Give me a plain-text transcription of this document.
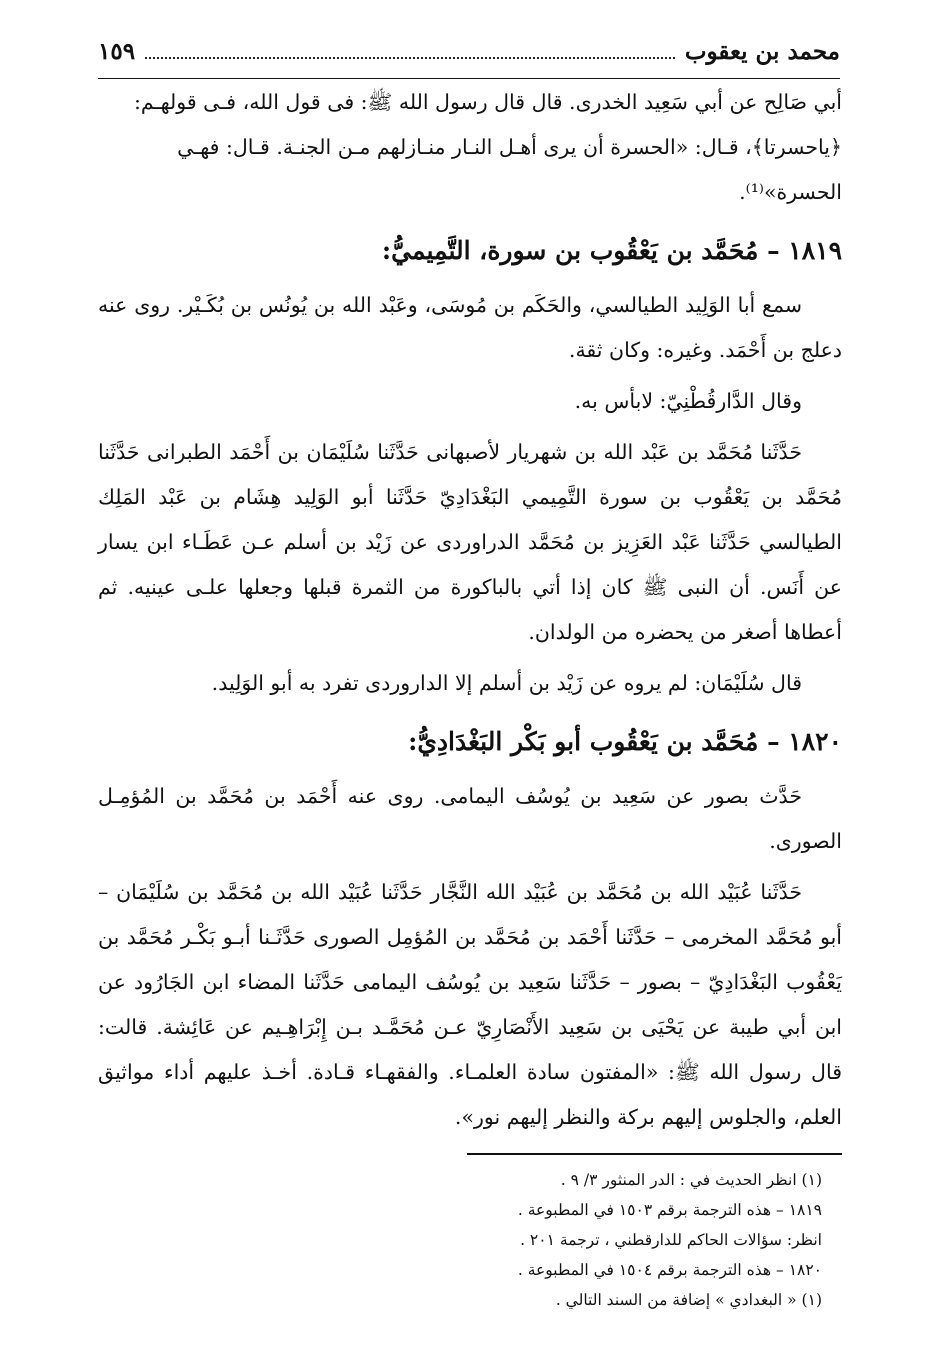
محمد بن يعقوب
١٥٩

أبي صَالِح عن أبي سَعِيد الخدرى. قال قال رسول الله ﷺ: فى قول الله، فـى قولهـم:

﴿ياحسرتا﴾، قـال: «الحسرة أن يرى أهـل النـار منـازلهم مـن الجنـة. قـال: فهـي

الحسرة»⁽¹⁾.

١٨١٩ – مُحَمَّد بن يَعْقُوب بن سورة، التَّمِيميُّ:

سمع أبا الوَلِيد الطيالسي، والحَكَم بن مُوسَى، وعَبْد الله بن يُونُس بن بُكَـيْر. روى عنه دعلج بن أَحْمَد. وغيره: وكان ثقة.

وقال الدَّارقُطْنِيّ: لابأس به.

حَدَّثَنا مُحَمَّد بن عَبْد الله بن شهريار لأصبهانى حَدَّثَنا سُلَيْمَان بن أَحْمَد الطبرانى حَدَّثَنا مُحَمَّد بن يَعْقُوب بن سورة التَّمِيمي البَغْدَادِيّ حَدَّثَنا أبو الوَلِيد هِشَام بن عَبْد المَلِك الطيالسي حَدَّثَنا عَبْد العَزِيز بن مُحَمَّد الدراوردى عن زَيْد بن أسلم عـن عَطَـاء ابن يسار عن أَنَس. أن النبى ﷺ كان إذا أتي بالباكورة من الثمرة قبلها وجعلها علـى عينيه. ثم أعطاها أصغر من يحضره من الولدان.

قال سُلَيْمَان: لم يروه عن زَيْد بن أسلم إلا الداروردى تفرد به أبو الوَلِيد.

١٨٢٠ – مُحَمَّد بن يَعْقُوب أبو بَكْر البَغْدَادِيُّ:

حَدَّث بصور عن سَعِيد بن يُوسُف اليمامى. روى عنه أَحْمَد بن مُحَمَّد بن المُؤمِـل الصورى.

حَدَّثَنا عُبَيْد الله بن مُحَمَّد بن عُبَيْد الله النَّجَّار حَدَّثَنا عُبَيْد الله بن مُحَمَّد بن سُلَيْمَان – أبو مُحَمَّد المخرمى – حَدَّثَنا أَحْمَد بن مُحَمَّد بن المُؤمِل الصورى حَدَّثَـنا أبـو بَكْـر مُحَمَّد بن يَعْقُوب البَغْدَادِيّ – بصور – حَدَّثَنا سَعِيد بن يُوسُف اليمامى حَدَّثَنا المضاء ابن الجَارُود عن ابن أبي طيبة عن يَحْيَى بن سَعِيد الأَنْصَارِيّ عـن مُحَمَّـد بـن إِبْرَاهِـيم عن عَائِشة. قالت: قال رسول الله ﷺ: «المفتون سادة العلمـاء. والفقهـاء قـادة. أخـذ عليهم أداء مواثيق العلم، والجلوس إليهم بركة والنظر إليهم نور».

(١) انظر الحديث في : الدر المنثور ٣/ ٩ .

١٨١٩ – هذه الترجمة برقم ١٥٠٣ في المطبوعة .

انظر: سؤالات الحاكم للدارقطني ، ترجمة ٢٠١ .

١٨٢٠ – هذه الترجمة برقم ١٥٠٤ في المطبوعة .

(١) « البغدادي » إضافة من السند التالي .
